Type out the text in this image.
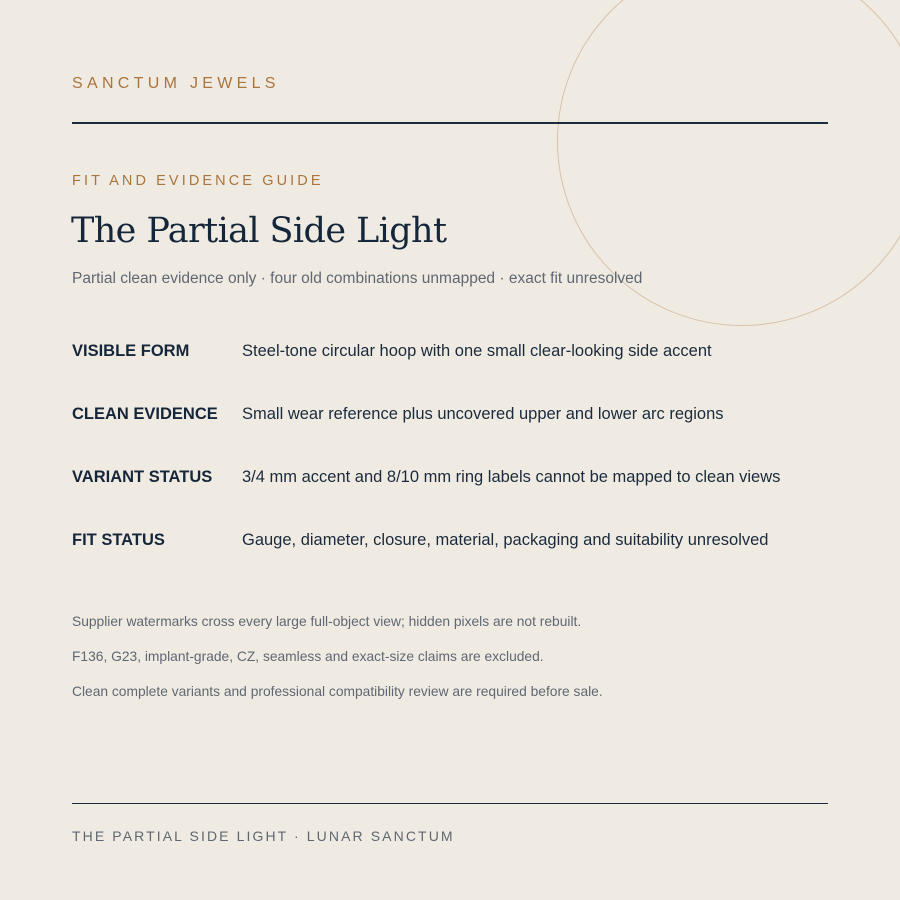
SANCTUM JEWELS
FIT AND EVIDENCE GUIDE
The Partial Side Light
Partial clean evidence only · four old combinations unmapped · exact fit unresolved
VISIBLE FORM	Steel-tone circular hoop with one small clear-looking side accent
CLEAN EVIDENCE Small wear reference plus uncovered upper and lower arc regions
VARIANT STATUS 3/4 mm accent and 8/10 mm ring labels cannot be mapped to clean views
FIT STATUS	Gauge, diameter, closure, material, packaging and suitability unresolved
Supplier watermarks cross every large full-object view; hidden pixels are not rebuilt.
F136, G23, implant-grade, CZ, seamless and exact-size claims are excluded.
Clean complete variants and professional compatibility review are required before sale.
THE PARTIAL SIDE LIGHT · LUNAR SANCTUM
